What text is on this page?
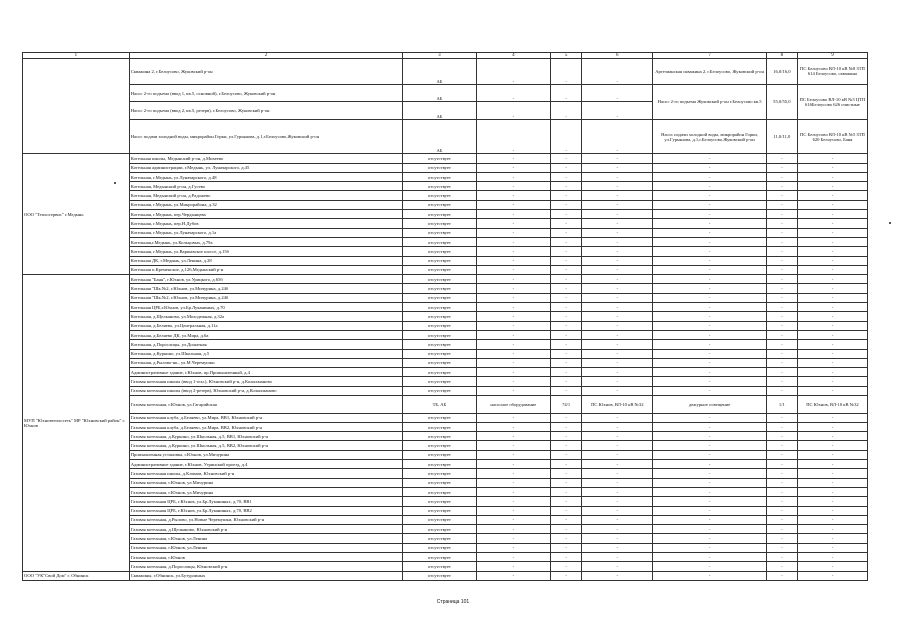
1	2	3	4	5	6	7	8	9
	Скважина 2, г.Белоусово, Жуковский р-он	АБ	-	-	-	Артезианская скважина 2, г.Белоусово, Жуковский р-он	16,0/16,0	ПС Белоусово ВЛ-10 кВ №8 ЗТП 614 Белоусово, скважина
	Насос 2-го подъема (ввод 1, кв.5, основной), г.Белоусово, Жуковский р-он	АБ	-	-	-	Насос 2-го подъема Жуковский р-он г.Белоусово кв.5	55,0/55,0	ПС Белоусово ВЛ-10 кВ №5 ЦТП 616Белоусово 626 очистные
	Насос 2-го подъема (ввод 2, кв.5, резерв), г.Белоусово, Жуковский р-он	АБ	-	-	-			
	Насос подачи холодной воды, микрорайон Горки, ул.Гурьянова, д.1,г.Белоусово,Жуковский р-он	АБ	-	-	-	Насос подачи холодной воды, микрорайон Горки, ул.Гурьянова, д.1,г.Белоусово,Жуковский р-он	11,0/11,0	ПС Белоусово ВЛ-10 кВ №5 ЗТП 620 Белоусово, Баня
ООО "Теплосервис" г.Медынь	Котельная школы, Медынский р-он, д.Михеево	отсутствует	-	-	-	-	-	-
	Котельная администрации, г.Медынь, ул. Луначарского, д.45	отсутствует	-	-	-	-	-	-
	Котельная, г.Медынь, ул.Луначарского, д.48	отсутствует	-	-	-	-	-	-
	Котельная, Медынский р-он, д.Гусево	отсутствует	-	-	-	-	-	-
	Котельная, Медынский р-он, д.Радожево	отсутствует	-	-	-	-	-	-
	Котельная, г.Медынь, ул.Микрорайона, д.32	отсутствует	-	-	-	-	-	-
	Котельная, г.Медынь, пер.Чердынцева	отсутствует	-	-	-	-	-	-
	Котельная, г.Медынь, пер.Н.Дубов	отсутствует	-	-	-	-	-	-
	Котельная, г.Медынь, ул.Луначарского, д.1а	отсутствует	-	-	-	-	-	-
	Котельная,г.Медынь, ул.Кольцовых, д.79а	отсутствует	-	-	-	-	-	-
	Котельная, г.Медынь, ул.Варшавское шоссе, д.15б	отсутствует	-	-	-	-	-	-
	Котельная ДК, г.Медынь, ул.Ленина, д.28	отсутствует	-	-	-	-	-	-
	Котельная п.Кременское, д.126,Медынский р-н	отсутствует	-	-	-	-	-	-
МУП "Юхновтеплосеть" МР "Юхновский район" г. Юхнов	Котельная "Баня", г.Юхнов, ул.Урицкого, д.65б	отсутствует	-	-	-	-	-	-
	Котельная "Шк.№2, г.Юхнов, ул.Мичурина, д.24б	отсутствует	-	-	-	-	-	-
	Котельная "Шк.№2, г.Юхнов, ул.Мичурина, д.24б	отсутствует	-	-	-	-	-	-
	Котельная ЦРБ,г.Юхнов, ул.Бр.Луканиных, д.70	отсутствует	-	-	-	-	-	-
	Котельная, д.Щелканово, ул.Молодежная, д.32а	отсутствует	-	-	-	-	-	-
	Котельная, д.Беляево, ул.Центральная, д.11а	отсутствует	-	-	-	-	-	-
	Котельная, д.Беляево ДК, ул.Мира, д.6а	отсутствует	-	-	-	-	-	-
	Котельная, д.Порослицы, ул.Дошатная	отсутствует	-	-	-	-	-	-
	Котельная, д.Куркино, ул.Школьная, д.5	отсутствует	-	-	-	-	-	-
	Котельная, д.Рылово-нк., ул.М.Черемушки	отсутствует	-	-	-	-	-	-
	Административное здание, г.Юхнов, пр.Промышленный, д.4	отсутствует	-	-	-	-	-	-
	Газовая котельная школы (ввод 1-осн.), Юхновский р-н, д.Колыхманово	отсутствует	-	-	-	-	-	-
	Газовая котельная школы (ввод 2-резерв), Юхновский р-н, д.Колыхманово	отсутствует	-	-	-	-	-	-
	Газовая котельная, г.Юхнов, ул.Гагарийская	ТБ, АБ	насосное оборудование	74/1	ПС Юхнов, ВЛ-10 кВ №32	дежурное освещение	1/1	ПС Юхнов, ВЛ-10 кВ №32
	Газовая котельная клуба, д.Беляево, ул.Мира, ВВ1, Юхновский р-н	отсутствует	-	-	-	-	-	-
	Газовая котельная клуба, д.Беляево, ул.Мира, ВВ2, Юхновский р-н	отсутствует	-	-	-	-	-	-
	Газовая котельная, д.Куркино, ул.Школьная, д.5, ВВ1, Юхновский р-н	отсутствует	-	-	-	-	-	-
	Газовая котельная, д.Куркино, ул.Школьная, д.5, ВВ2, Юхновский р-н	отсутствует	-	-	-	-	-	-
	Промышленная установка, г.Юхнов, ул.Мичурина	отсутствует	-	-	-	-	-	-
	Административное здание, г.Юхнов, Угринский проезд, д.4	отсутствует	-	-	-	-	-	-
	Газовая котельная школы, д.Климов, Юхновский р-н	отсутствует	-	-	-	-	-	-
	Газовая котельная, г.Юхнов, ул.Мичурина	отсутствует	-	-	-	-	-	-
	Газовая котельная, г.Юхнов, ул.Мичурина	отсутствует	-	-	-	-	-	-
	Газовая котельная ЦРБ, г.Юхнов, ул.Бр.Луканиных, д.70, ВВ1	отсутствует	-	-	-	-	-	-
	Газовая котельная ЦРБ, г.Юхнов, ул.Бр.Луканиных, д.70, ВВ2	отсутствует	-	-	-	-	-	-
	Газовая котельная, д.Рылово, ул.Новые Черемушки, Юхновский р-н	отсутствует	-	-	-	-	-	-
	Газовая котельная, д.Щелканово, Юхновский р-н	отсутствует	-	-	-	-	-	-
	Газовая котельная, г.Юхнов, ул.Ленина	отсутствует	-	-	-	-	-	-
	Газовая котельная, г.Юхнов, ул.Ленина	отсутствует	-	-	-	-	-	-
	Газовая котельная, г.Юхнов	отсутствует	-	-	-	-	-	-
	Газовая котельная, д.Порослицы, Юхновский р-н	отсутствует	-	-	-	-	-	-
ООО "УК"Свой Дом" г. Обнинск	Скважины, г.Обнинск, ул.Бутурлиных	отсутствует	-	-	-	-	-	-
Страница 101
